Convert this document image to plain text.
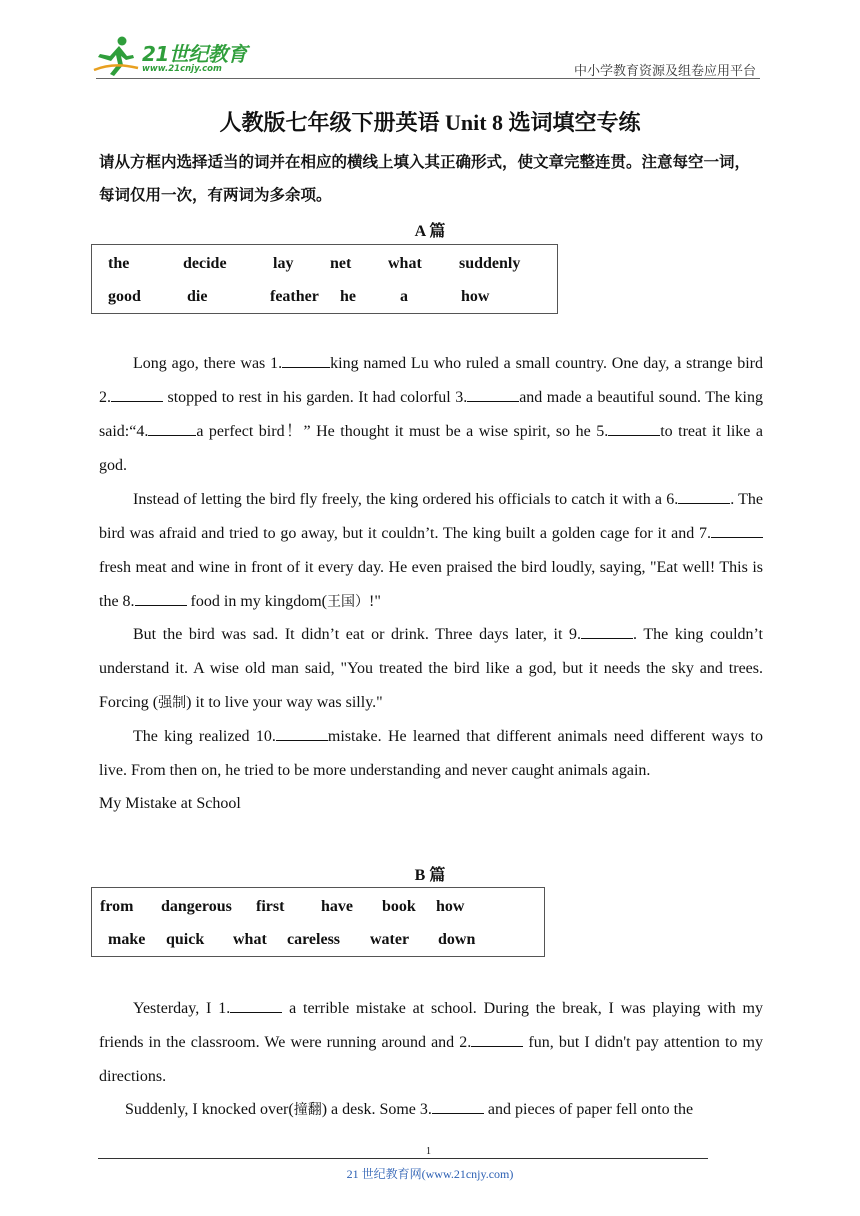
21世纪教育
www.21cnjy.com	中小学教育资源及组卷应用平台
人教版七年级下册英语 Unit 8 选词填空专练
请从方框内选择适当的词并在相应的横线上填入其正确形式，使文章完整连贯。注意每空一词，每词仅用一次，有两词为多余项。
A 篇
the	decide	lay net what suddenly
good	die	feather he	a	how
Long ago, there was 1.	king named Lu who ruled a small country. One day, a strange bird 2.	stopped to rest in his garden. It had colorful 3.	and made a beautiful sound. The king said:“4.	a perfect bird！” He thought it must be a wise spirit, so he 5.	to treat it like a god.
Instead of letting the bird fly freely, the king ordered his officials to catch it with a 6.	. The bird was afraid and tried to go away, but it couldn’t. The king built a golden cage for it and 7.fresh meat and wine in front of it every day. He even praised the bird loudly, saying, "Eat well! This is the 8.	food in my kingdom(王国）!"
But the bird was sad. It didn’t eat or drink. Three days later, it 9.	. The king couldn’t understand it. A wise old man said, "You treated the bird like a god, but it needs the sky and trees. Forcing (强制) it to live your way was silly."
The king realized 10.	mistake. He learned that different animals need different ways to live. From then on, he tried to be more understanding and never caught animals again.
My Mistake at School
B 篇
from dangerous first have book how
make quick what careless water down
Yesterday, I 1.	a terrible mistake at school. During the break, I was playing with my friends in the classroom. We were running around and 2.	fun, but I didn't pay attention to my directions.
Suddenly, I knocked over(撞翻) a desk. Some 3.	and pieces of paper fell onto the
1
21 世纪教育网(www.21cnjy.com)
